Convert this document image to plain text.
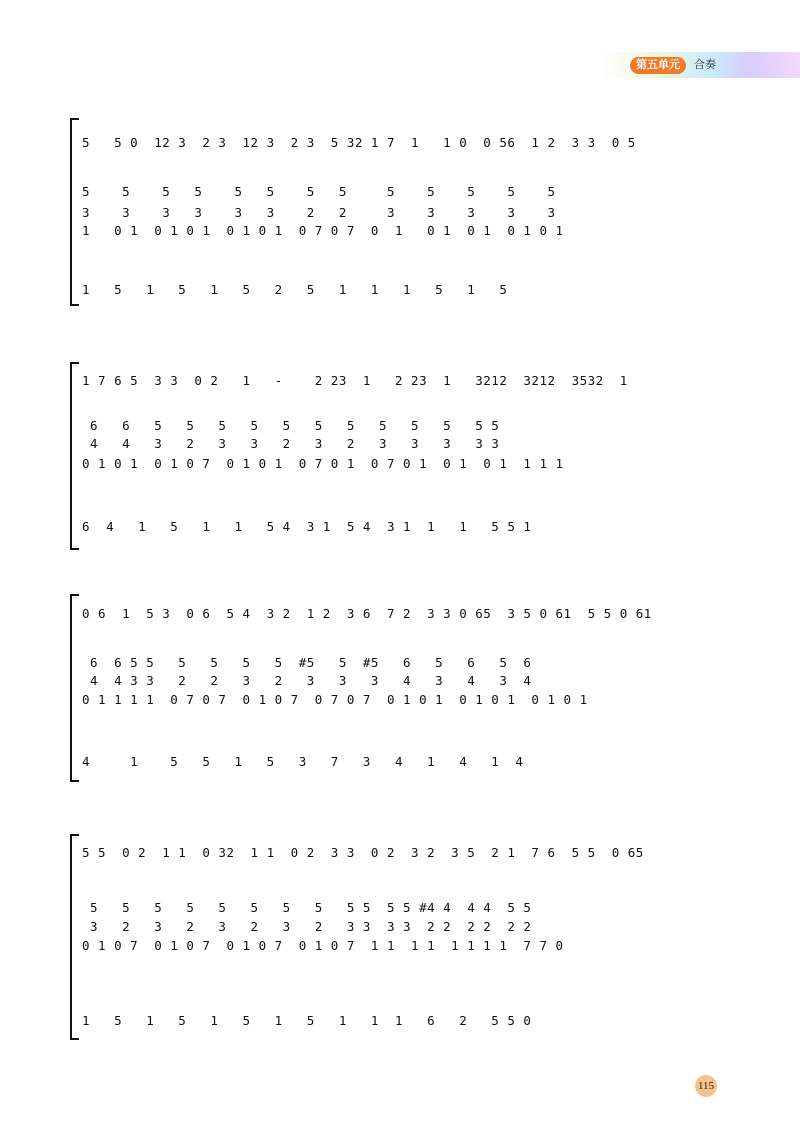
第五单元	合奏
5   5 0  12 3  2 3  12 3  2 3  5 32 1 7  1   1 0  0 56  1 2  3 3  0 5
5    5    5   5    5   5    5   5     5    5    5    5    5
3    3    3   3    3   3    2   2     3    3    3    3    3
1   0 1  0 1 0 1  0 1 0 1  0 7 0 7  0  1   0 1  0 1  0 1 0 1
1   5   1   5   1   5   2   5   1   1   1   5   1   5
1 7 6 5  3 3  0 2   1   -    2 23  1   2 23  1   3212  3212  3532  1
6   6   5   5   5   5   5   5   5   5   5   5   5 5
4   4   3   2   3   3   2   3   2   3   3   3   3 3
0 1 0 1  0 1 0 7  0 1 0 1  0 7 0 1  0 7 0 1  0 1  0 1  1 1 1
6  4   1   5   1   1   5 4  3 1  5 4  3 1  1   1   5 5 1
0 6  1  5 3  0 6  5 4  3 2  1 2  3 6  7 2  3 3 0 65  3 5 0 61  5 5 0 61
6  6 5 5   5   5   5   5  #5   5  #5   6   5   6   5  6
4  4 3 3   2   2   3   2   3   3   3   4   3   4   3  4
0 1 1 1 1  0 7 0 7  0 1 0 7  0 7 0 7  0 1 0 1  0 1 0 1  0 1 0 1
4     1    5   5   1   5   3   7   3   4   1   4   1  4
5 5  0 2  1 1  0 32  1 1  0 2  3 3  0 2  3 2  3 5  2 1  7 6  5 5  0 65
5   5   5   5   5   5   5   5   5 5  5 5 #4 4  4 4  5 5
3   2   3   2   3   2   3   2   3 3  3 3  2 2  2 2  2 2
0 1 0 7  0 1 0 7  0 1 0 7  0 1 0 7  1 1  1 1  1 1 1 1  7 7 0
1   5   1   5   1   5   1   5   1   1  1   6   2   5 5 0
115
